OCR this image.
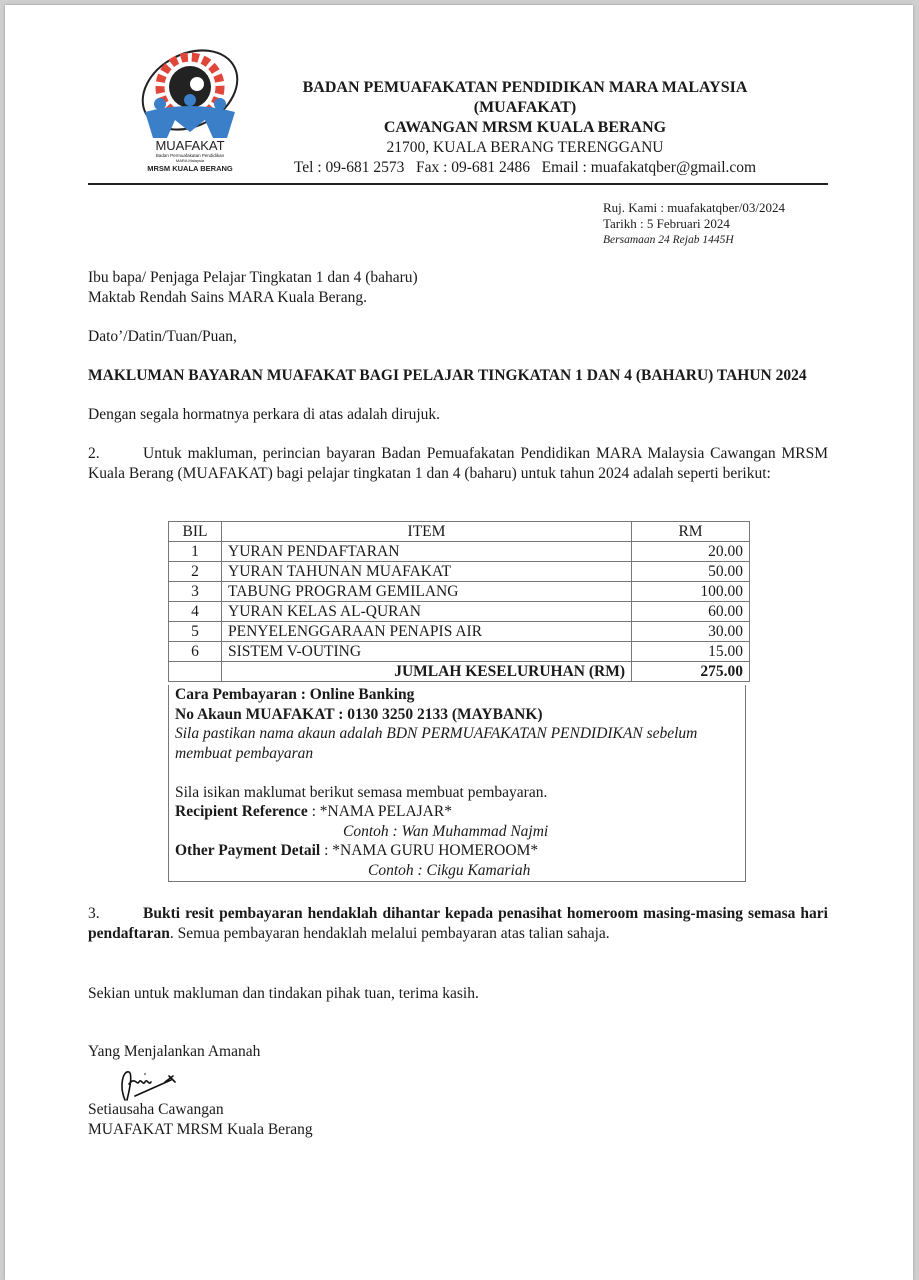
MUAFAKAT
Badan Permuafakatan Pendidikan
MARA Malaysia
MRSM KUALA BERANG
BADAN PEMUAFAKATAN PENDIDIKAN MARA MALAYSIA (MUAFAKAT)
CAWANGAN MRSM KUALA BERANG
21700, KUALA BERANG TERENGGANU
Tel : 09-681 2573   Fax : 09-681 2486   Email : muafakatqber@gmail.com
Ruj. Kami : muafakatqber/03/2024
Tarikh : 5 Februari 2024
Bersamaan 24 Rejab 1445H
Ibu bapa/ Penjaga Pelajar Tingkatan 1 dan 4 (baharu)
Maktab Rendah Sains MARA Kuala Berang.
Dato’/Datin/Tuan/Puan,
MAKLUMAN BAYARAN MUAFAKAT BAGI PELAJAR TINGKATAN 1 DAN 4 (BAHARU) TAHUN 2024
Dengan segala hormatnya perkara di atas adalah dirujuk.
2.	Untuk makluman, perincian bayaran Badan Pemuafakatan Pendidikan MARA Malaysia Cawangan MRSM Kuala Berang (MUAFAKAT) bagi pelajar tingkatan 1 dan 4 (baharu) untuk tahun 2024 adalah seperti berikut:
BIL	ITEM	RM
1	YURAN PENDAFTARAN	20.00
2	YURAN TAHUNAN MUAFAKAT	50.00
3	TABUNG PROGRAM GEMILANG	100.00
4	YURAN KELAS AL-QURAN	60.00
5	PENYELENGGARAAN PENAPIS AIR	30.00
6	SISTEM V-OUTING	15.00
	JUMLAH KESELURUHAN (RM)	275.00
Cara Pembayaran : Online Banking
No Akaun MUAFAKAT : 0130 3250 2133 (MAYBANK)
Sila pastikan nama akaun adalah BDN PERMUAFAKATAN PENDIDIKAN sebelum membuat pembayaran
Sila isikan maklumat berikut semasa membuat pembayaran.
Recipient Reference : *NAMA PELAJAR*
Contoh : Wan Muhammad Najmi
Other Payment Detail : *NAMA GURU HOMEROOM*
Contoh : Cikgu Kamariah
3.	Bukti resit pembayaran hendaklah dihantar kepada penasihat homeroom masing-masing semasa hari pendaftaran. Semua pembayaran hendaklah melalui pembayaran atas talian sahaja.
Sekian untuk makluman dan tindakan pihak tuan, terima kasih.
Yang Menjalankan Amanah
Setiausaha Cawangan
MUAFAKAT MRSM Kuala Berang
